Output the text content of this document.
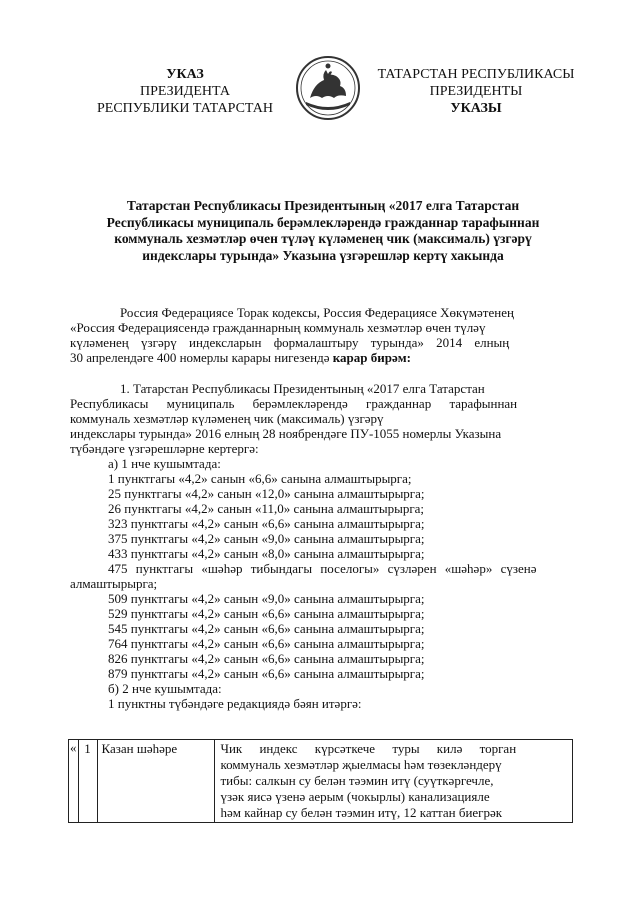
УКАЗ
ПРЕЗИДЕНТА
РЕСПУБЛИКИ ТАТАРСТАН
ТАТАРСТАН РЕСПУБЛИКАСЫ
ПРЕЗИДЕНТЫ
УКАЗЫ
Татарстан Республикасы Президентының «2017 елга Татарстан
Республикасы муниципаль берәмлекләрендә гражданнар тарафыннан
коммуналь хезмәтләр өчен түләү күләменең чик (максималь) үзгәрү
индекслары турында» Указына үзгәрешләр кертү хакында
Россия Федерациясе Торак кодексы, Россия Федерациясе Хөкүмәтенең
«Россия Федерациясендә гражданнарның коммуналь хезмәтләр өчен түләү
күләменең үзгәрү индексларын формалаштыру турында» 2014 елның
30 апрелендәге 400 номерлы карары нигезендә карар бирәм:
1. Татарстан Республикасы Президентының «2017 елга Татарстан
Республикасы муниципаль берәмлекләрендә гражданнар тарафыннан
коммуналь хезмәтләр күләменең чик (максималь) үзгәрү
индекслары турында» 2016 елның 28 ноябрендәге ПУ-1055 номерлы Указына
түбәндәге үзгәрешләрне кертергә:
а) 1 нче кушымтада:
1 пунктгагы «4,2» санын «6,6» санына алмаштырырга;
25 пунктгагы «4,2» санын «12,0» санына алмаштырырга;
26 пунктгагы «4,2» санын «11,0» санына алмаштырырга;
323 пунктгагы «4,2» санын «6,6» санына алмаштырырга;
375 пунктгагы «4,2» санын «9,0» санына алмаштырырга;
433 пунктгагы «4,2» санын «8,0» санына алмаштырырга;
475 пунктгагы «шәһәр тибындагы поселогы» сүзләрен «шәһәр» сүзенә
алмаштырырга;
509 пунктгагы «4,2» санын «9,0» санына алмаштырырга;
529 пунктгагы «4,2» санын «6,6» санына алмаштырырга;
545 пунктгагы «4,2» санын «6,6» санына алмаштырырга;
764 пунктгагы «4,2» санын «6,6» санына алмаштырырга;
826 пунктгагы «4,2» санын «6,6» санына алмаштырырга;
879 пунктгагы «4,2» санын «6,6» санына алмаштырырга;
б) 2 нче кушымтада:
1 пунктны түбәндәге редакциядә бәян итәргә:
«	1	Казан шәһәре	Чик индекс күрсәткече туры килә торган
коммуналь хезмәтләр җыелмасы һәм төзекләндерү
тибы: салкын су белән тәэмин итү (суүткәргечле,
үзәк яисә үзенә аерым (чокырлы) канализацияле
һәм кайнар су белән тәэмин итү, 12 каттан биегрәк
